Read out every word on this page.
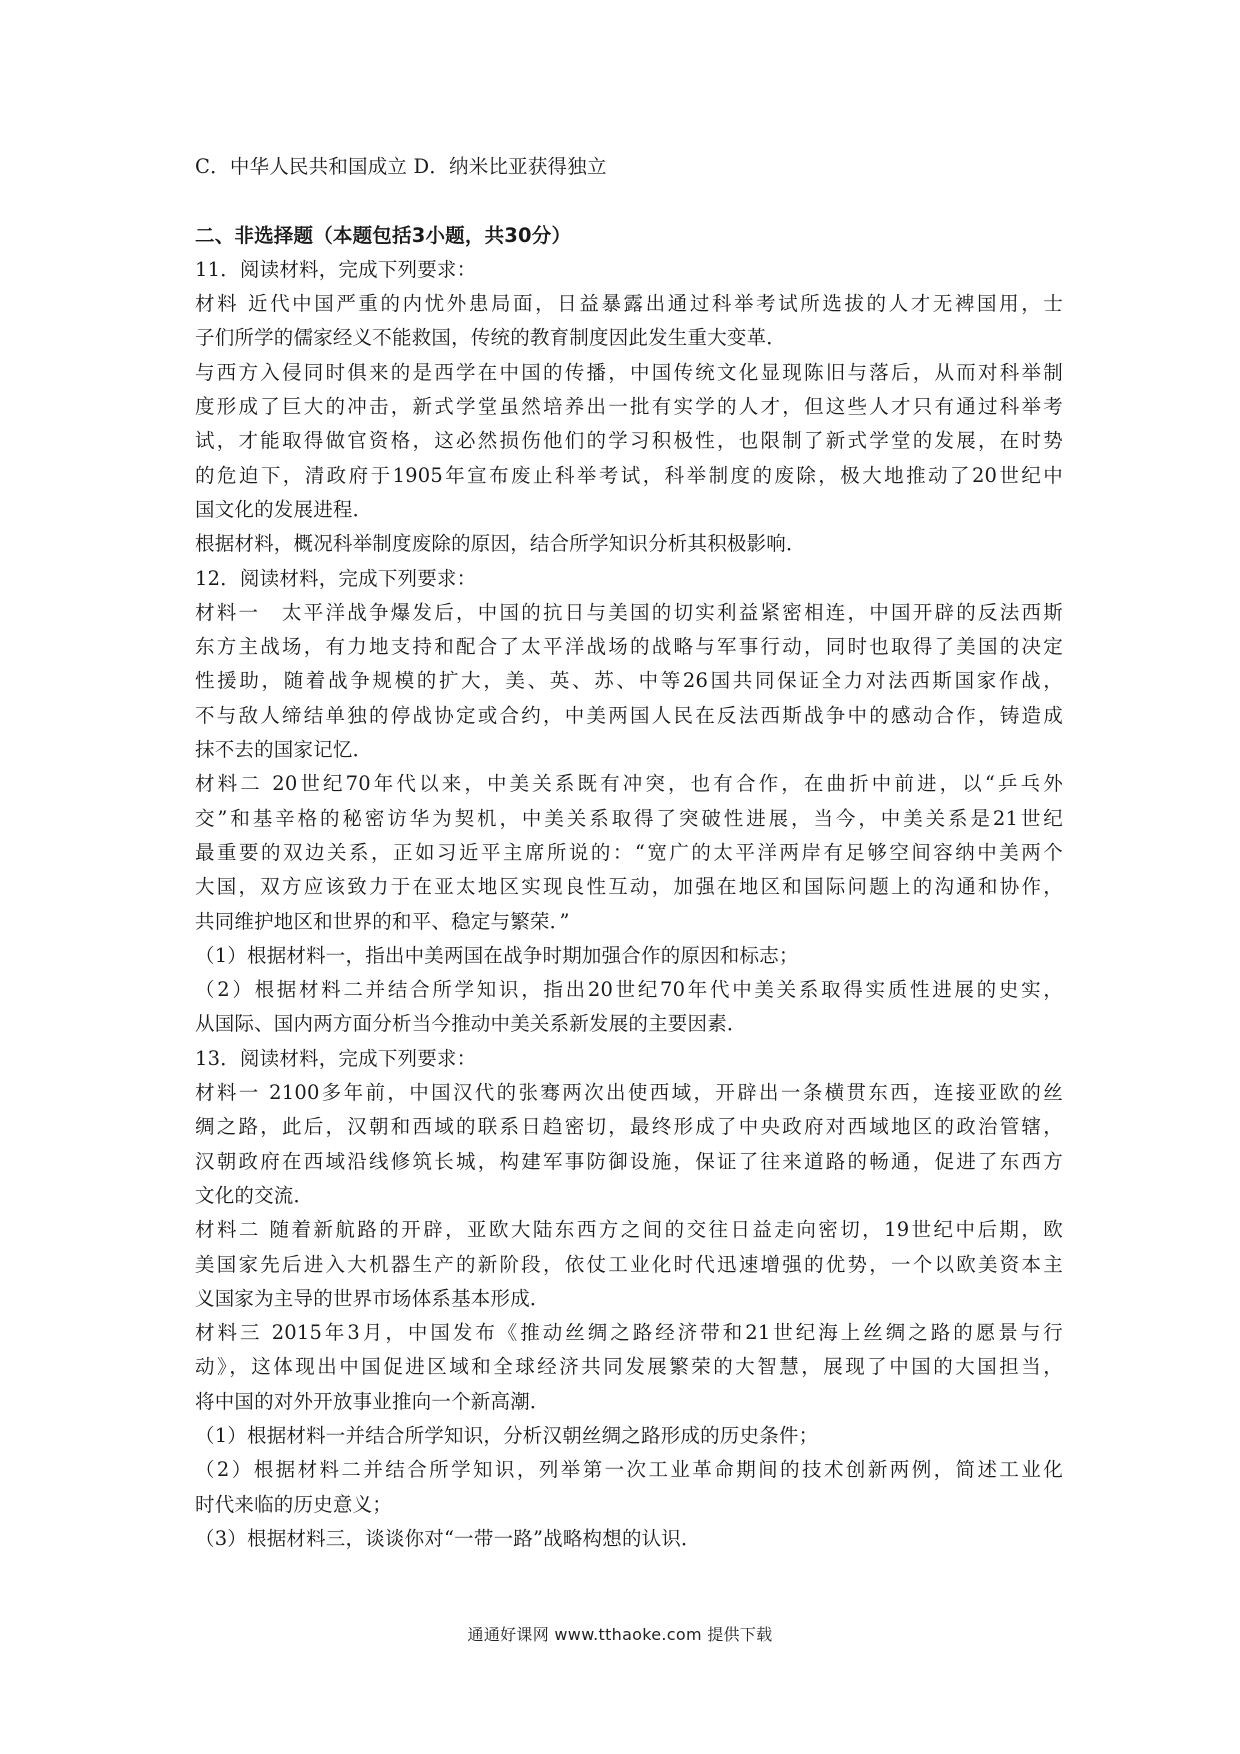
C．中华人民共和国成立 D．纳米比亚获得独立
二、非选择题（本题包括3小题，共30分）
11．阅读材料，完成下列要求：
材料 近代中国严重的内忧外患局面，日益暴露出通过科举考试所选拔的人才无裨国用，士
子们所学的儒家经义不能救国，传统的教育制度因此发生重大变革．
与西方入侵同时俱来的是西学在中国的传播，中国传统文化显现陈旧与落后，从而对科举制
度形成了巨大的冲击，新式学堂虽然培养出一批有实学的人才，但这些人才只有通过科举考
试，才能取得做官资格，这必然损伤他们的学习积极性，也限制了新式学堂的发展，在时势
的危迫下，清政府于1905年宣布废止科举考试，科举制度的废除，极大地推动了20世纪中
国文化的发展进程．
根据材料，概况科举制度废除的原因，结合所学知识分析其积极影响．
12．阅读材料，完成下列要求：
材料一　太平洋战争爆发后，中国的抗日与美国的切实利益紧密相连，中国开辟的反法西斯
东方主战场，有力地支持和配合了太平洋战场的战略与军事行动，同时也取得了美国的决定
性援助，随着战争规模的扩大，美、英、苏、中等26国共同保证全力对法西斯国家作战，
不与敌人缔结单独的停战协定或合约，中美两国人民在反法西斯战争中的感动合作，铸造成
抹不去的国家记忆．
材料二 20世纪70年代以来，中美关系既有冲突，也有合作，在曲折中前进，以“乒乓外
交”和基辛格的秘密访华为契机，中美关系取得了突破性进展，当今，中美关系是21世纪
最重要的双边关系，正如习近平主席所说的：“宽广的太平洋两岸有足够空间容纳中美两个
大国，双方应该致力于在亚太地区实现良性互动，加强在地区和国际问题上的沟通和协作，
共同维护地区和世界的和平、稳定与繁荣．”
（1）根据材料一，指出中美两国在战争时期加强合作的原因和标志；
（2）根据材料二并结合所学知识，指出20世纪70年代中美关系取得实质性进展的史实，
从国际、国内两方面分析当今推动中美关系新发展的主要因素．
13．阅读材料，完成下列要求：
材料一 2100多年前，中国汉代的张骞两次出使西域，开辟出一条横贯东西，连接亚欧的丝
绸之路，此后，汉朝和西域的联系日趋密切，最终形成了中央政府对西域地区的政治管辖，
汉朝政府在西域沿线修筑长城，构建军事防御设施，保证了往来道路的畅通，促进了东西方
文化的交流．
材料二 随着新航路的开辟，亚欧大陆东西方之间的交往日益走向密切，19世纪中后期，欧
美国家先后进入大机器生产的新阶段，依仗工业化时代迅速增强的优势，一个以欧美资本主
义国家为主导的世界市场体系基本形成．
材料三 2015年3月，中国发布《推动丝绸之路经济带和21世纪海上丝绸之路的愿景与行
动》，这体现出中国促进区域和全球经济共同发展繁荣的大智慧，展现了中国的大国担当，
将中国的对外开放事业推向一个新高潮．
（1）根据材料一并结合所学知识，分析汉朝丝绸之路形成的历史条件；
（2）根据材料二并结合所学知识，列举第一次工业革命期间的技术创新两例，简述工业化
时代来临的历史意义；
（3）根据材料三，谈谈你对“一带一路”战略构想的认识．
通通好课网 www.tthaoke.com 提供下载
